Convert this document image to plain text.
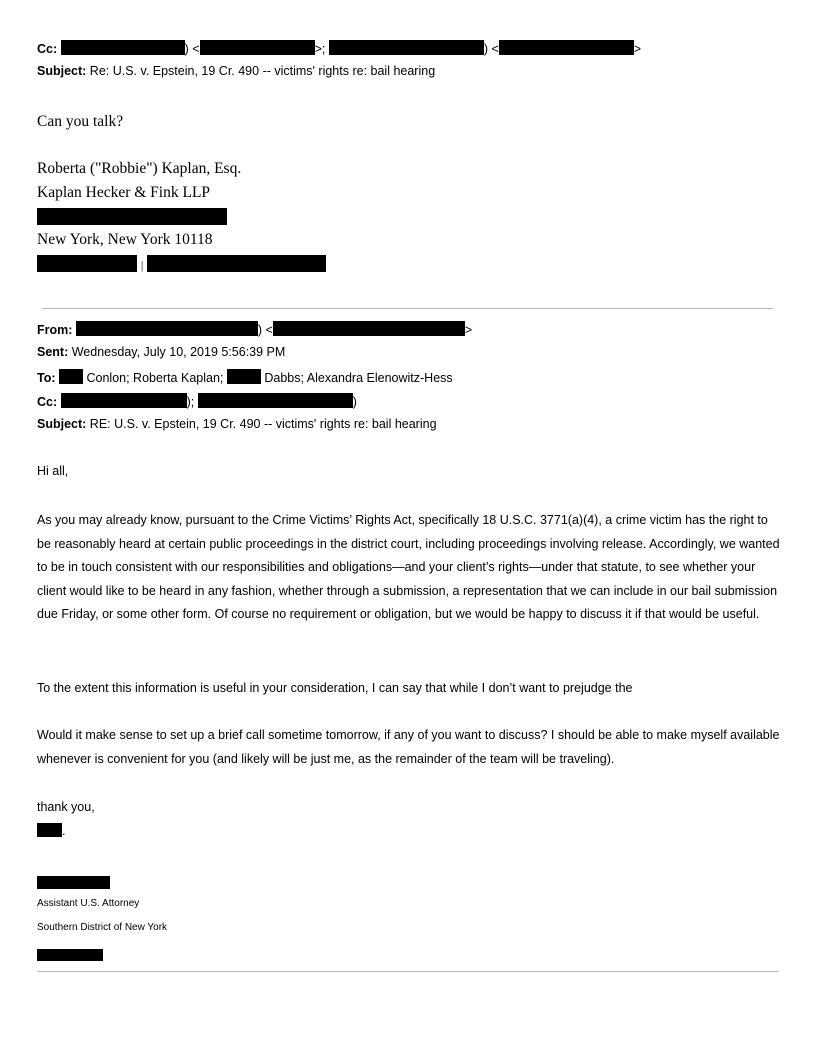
Cc:	) <	>;	) <	>
Subject: Re: U.S. v. Epstein, 19 Cr. 490 -- victims' rights re: bail hearing
Can you talk?
Roberta ("Robbie") Kaplan, Esq.
Kaplan Hecker & Fink LLP
New York, New York 10118
|
From:	) <	>
Sent: Wednesday, July 10, 2019 5:56:39 PM
To: Conlon; Roberta Kaplan;	Dabbs; Alexandra Elenowitz-Hess
Cc:	);	)
Subject: RE: U.S. v. Epstein, 19 Cr. 490 -- victims' rights re: bail hearing
Hi all,
As you may already know, pursuant to the Crime Victims’ Rights Act, specifically 18 U.S.C. 3771(a)(4), a crime victim has the right to be reasonably heard at certain public proceedings in the district court, including proceedings involving release. Accordingly, we wanted to be in touch consistent with our responsibilities and obligations—and your client’s rights—under that statute, to see whether your client would like to be heard in any fashion, whether through a submission, a representation that we can include in our bail submission due Friday, or some other form. Of course no requirement or obligation, but we would be happy to discuss it if that would be useful.
To the extent this information is useful in your consideration, I can say that while I don’t want to prejudge the
Would it make sense to set up a brief call sometime tomorrow, if any of you want to discuss? I should be able to make myself available whenever is convenient for you (and likely will be just me, as the remainder of the team will be traveling).
thank you,
.
Assistant U.S. Attorney
Southern District of New York
